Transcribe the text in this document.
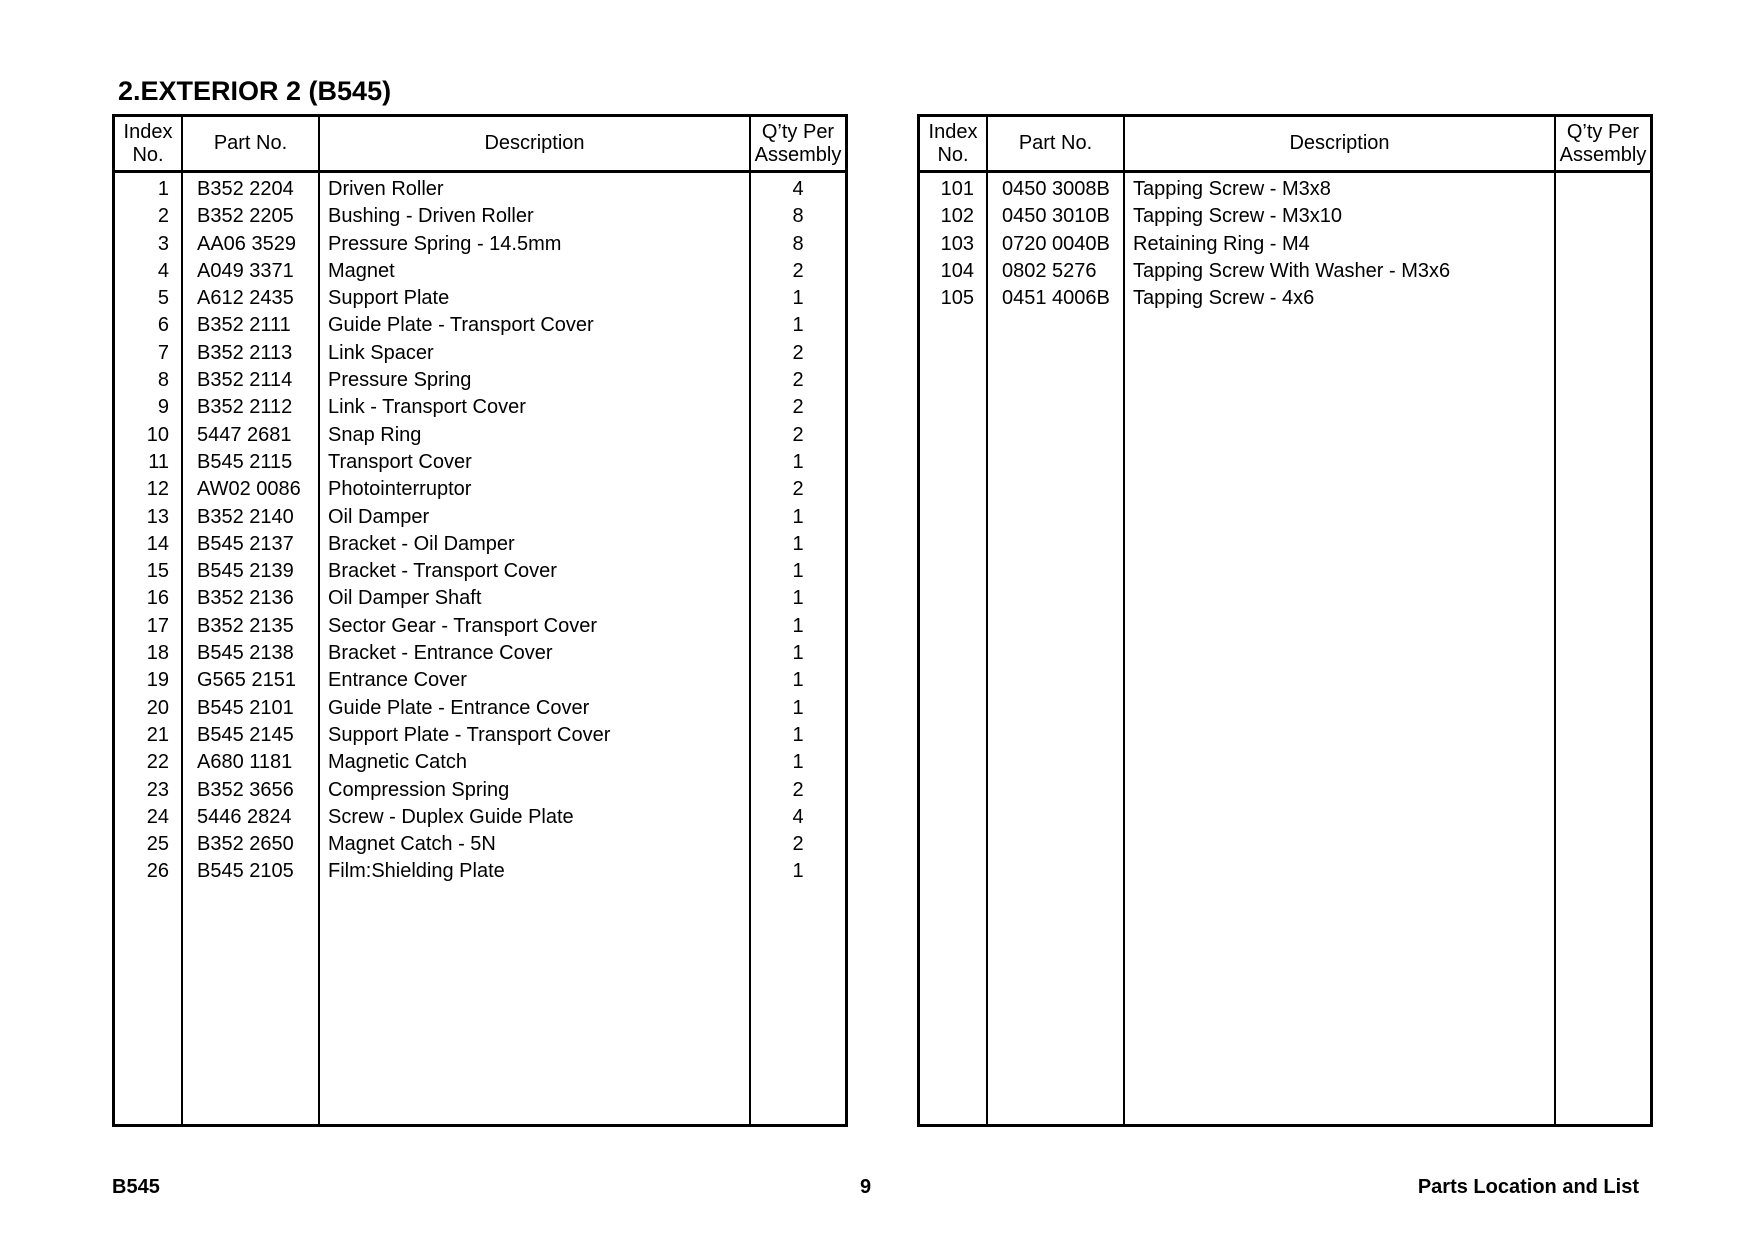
2.EXTERIOR 2 (B545)
Index
No.
Part No.	Description
Q’ty Per
Assembly
1 B352 2204 Driven Roller	4
2 B352 2205 Bushing - Driven Roller	8
3 AA06 3529 Pressure Spring - 14.5mm	8
4 A049 3371 Magnet	2
5 A612 2435 Support Plate	1
6 B352 2111 Guide Plate - Transport Cover	1
7 B352 2113 Link Spacer	2
8 B352 2114 Pressure Spring	2
9 B352 2112 Link - Transport Cover	2
10 5447 2681 Snap Ring	2
11 B545 2115 Transport Cover	1
12 AW02 0086 Photointerruptor	2
13 B352 2140 Oil Damper	1
14 B545 2137 Bracket - Oil Damper	1
15 B545 2139 Bracket - Transport Cover	1
16 B352 2136 Oil Damper Shaft	1
17 B352 2135 Sector Gear - Transport Cover	1
18 B545 2138 Bracket - Entrance Cover	1
19 G565 2151 Entrance Cover	1
20 B545 2101 Guide Plate - Entrance Cover	1
21 B545 2145 Support Plate - Transport Cover	1
22 A680 1181 Magnetic Catch	1
23 B352 3656 Compression Spring	2
24 5446 2824 Screw - Duplex Guide Plate	4
25 B352 2650 Magnet Catch - 5N	2
26 B545 2105 Film:Shielding Plate	1
Index
No.
Part No.	Description
Q’ty Per
Assembly
101 0450 3008B Tapping Screw - M3x8
102 0450 3010B Tapping Screw - M3x10
103 0720 0040B Retaining Ring - M4
104 0802 5276 Tapping Screw With Washer - M3x6
105 0451 4006B Tapping Screw - 4x6
B545	9	Parts Location and List
